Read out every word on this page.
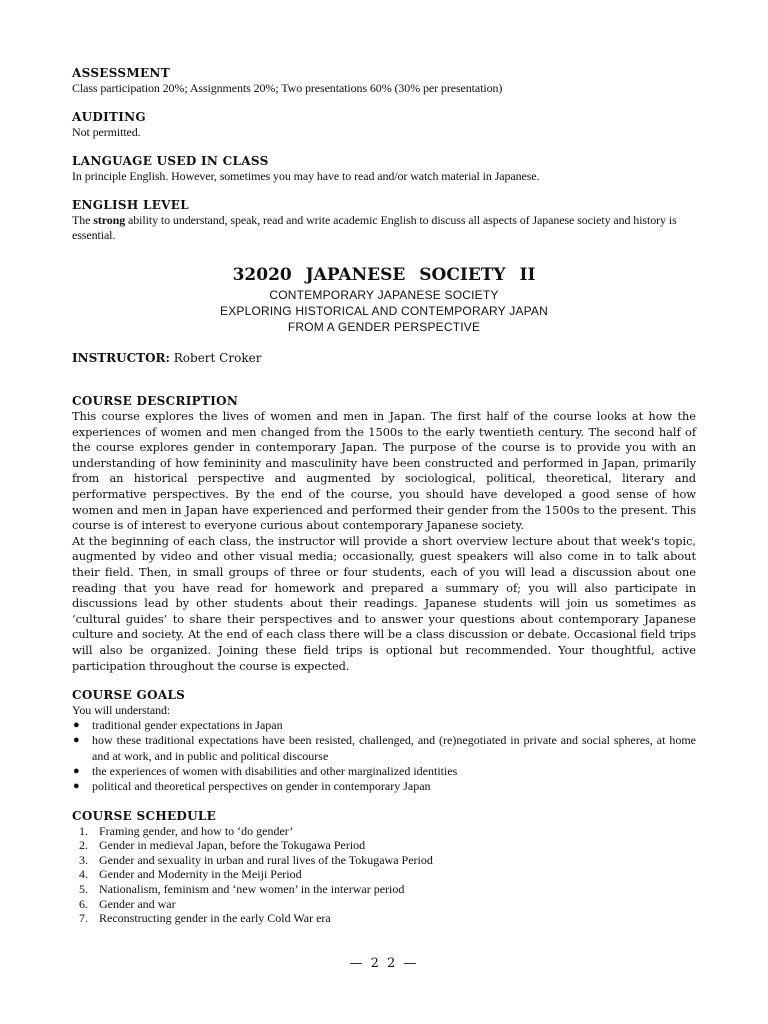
ASSESSMENT

Class participation 20%; Assignments 20%; Two presentations 60% (30% per presentation)

AUDITING

Not permitted.

LANGUAGE USED IN CLASS

In principle English. However, sometimes you may have to read and/or watch material in Japanese.

ENGLISH LEVEL

The strong ability to understand, speak, read and write academic English to discuss all aspects of Japanese society and history is essential.

32020 JAPANESE SOCIETY II

CONTEMPORARY JAPANESE SOCIETY

EXPLORING HISTORICAL AND CONTEMPORARY JAPAN

FROM A GENDER PERSPECTIVE

INSTRUCTOR: Robert Croker

COURSE DESCRIPTION

This course explores the lives of women and men in Japan. The first half of the course looks at how the experiences of women and men changed from the 1500s to the early twentieth century. The second half of the course explores gender in contemporary Japan. The purpose of the course is to provide you with an understanding of how femininity and masculinity have been constructed and performed in Japan, primarily from an historical perspective and augmented by sociological, political, theoretical, literary and performative perspectives. By the end of the course, you should have developed a good sense of how women and men in Japan have experienced and performed their gender from the 1500s to the present. This course is of interest to everyone curious about contemporary Japanese society.

At the beginning of each class, the instructor will provide a short overview lecture about that week's topic, augmented by video and other visual media; occasionally, guest speakers will also come in to talk about their field. Then, in small groups of three or four students, each of you will lead a discussion about one reading that you have read for homework and prepared a summary of; you will also participate in discussions lead by other students about their readings. Japanese students will join us sometimes as ‘cultural guides’ to share their perspectives and to answer your questions about contemporary Japanese culture and society. At the end of each class there will be a class discussion or debate. Occasional field trips will also be organized. Joining these field trips is optional but recommended. Your thoughtful, active participation throughout the course is expected.

COURSE GOALS

You will understand:

● traditional gender expectations in Japan
● how these traditional expectations have been resisted, challenged, and (re)negotiated in private and social spheres, at home and at work, and in public and political discourse
● the experiences of women with disabilities and other marginalized identities
● political and theoretical perspectives on gender in contemporary Japan

COURSE SCHEDULE

1. Framing gender, and how to ‘do gender’
2. Gender in medieval Japan, before the Tokugawa Period
3. Gender and sexuality in urban and rural lives of the Tokugawa Period
4. Gender and Modernity in the Meiji Period
5. Nationalism, feminism and ‘new women’ in the interwar period
6. Gender and war
7. Reconstructing gender in the early Cold War era
— 2 2 —
